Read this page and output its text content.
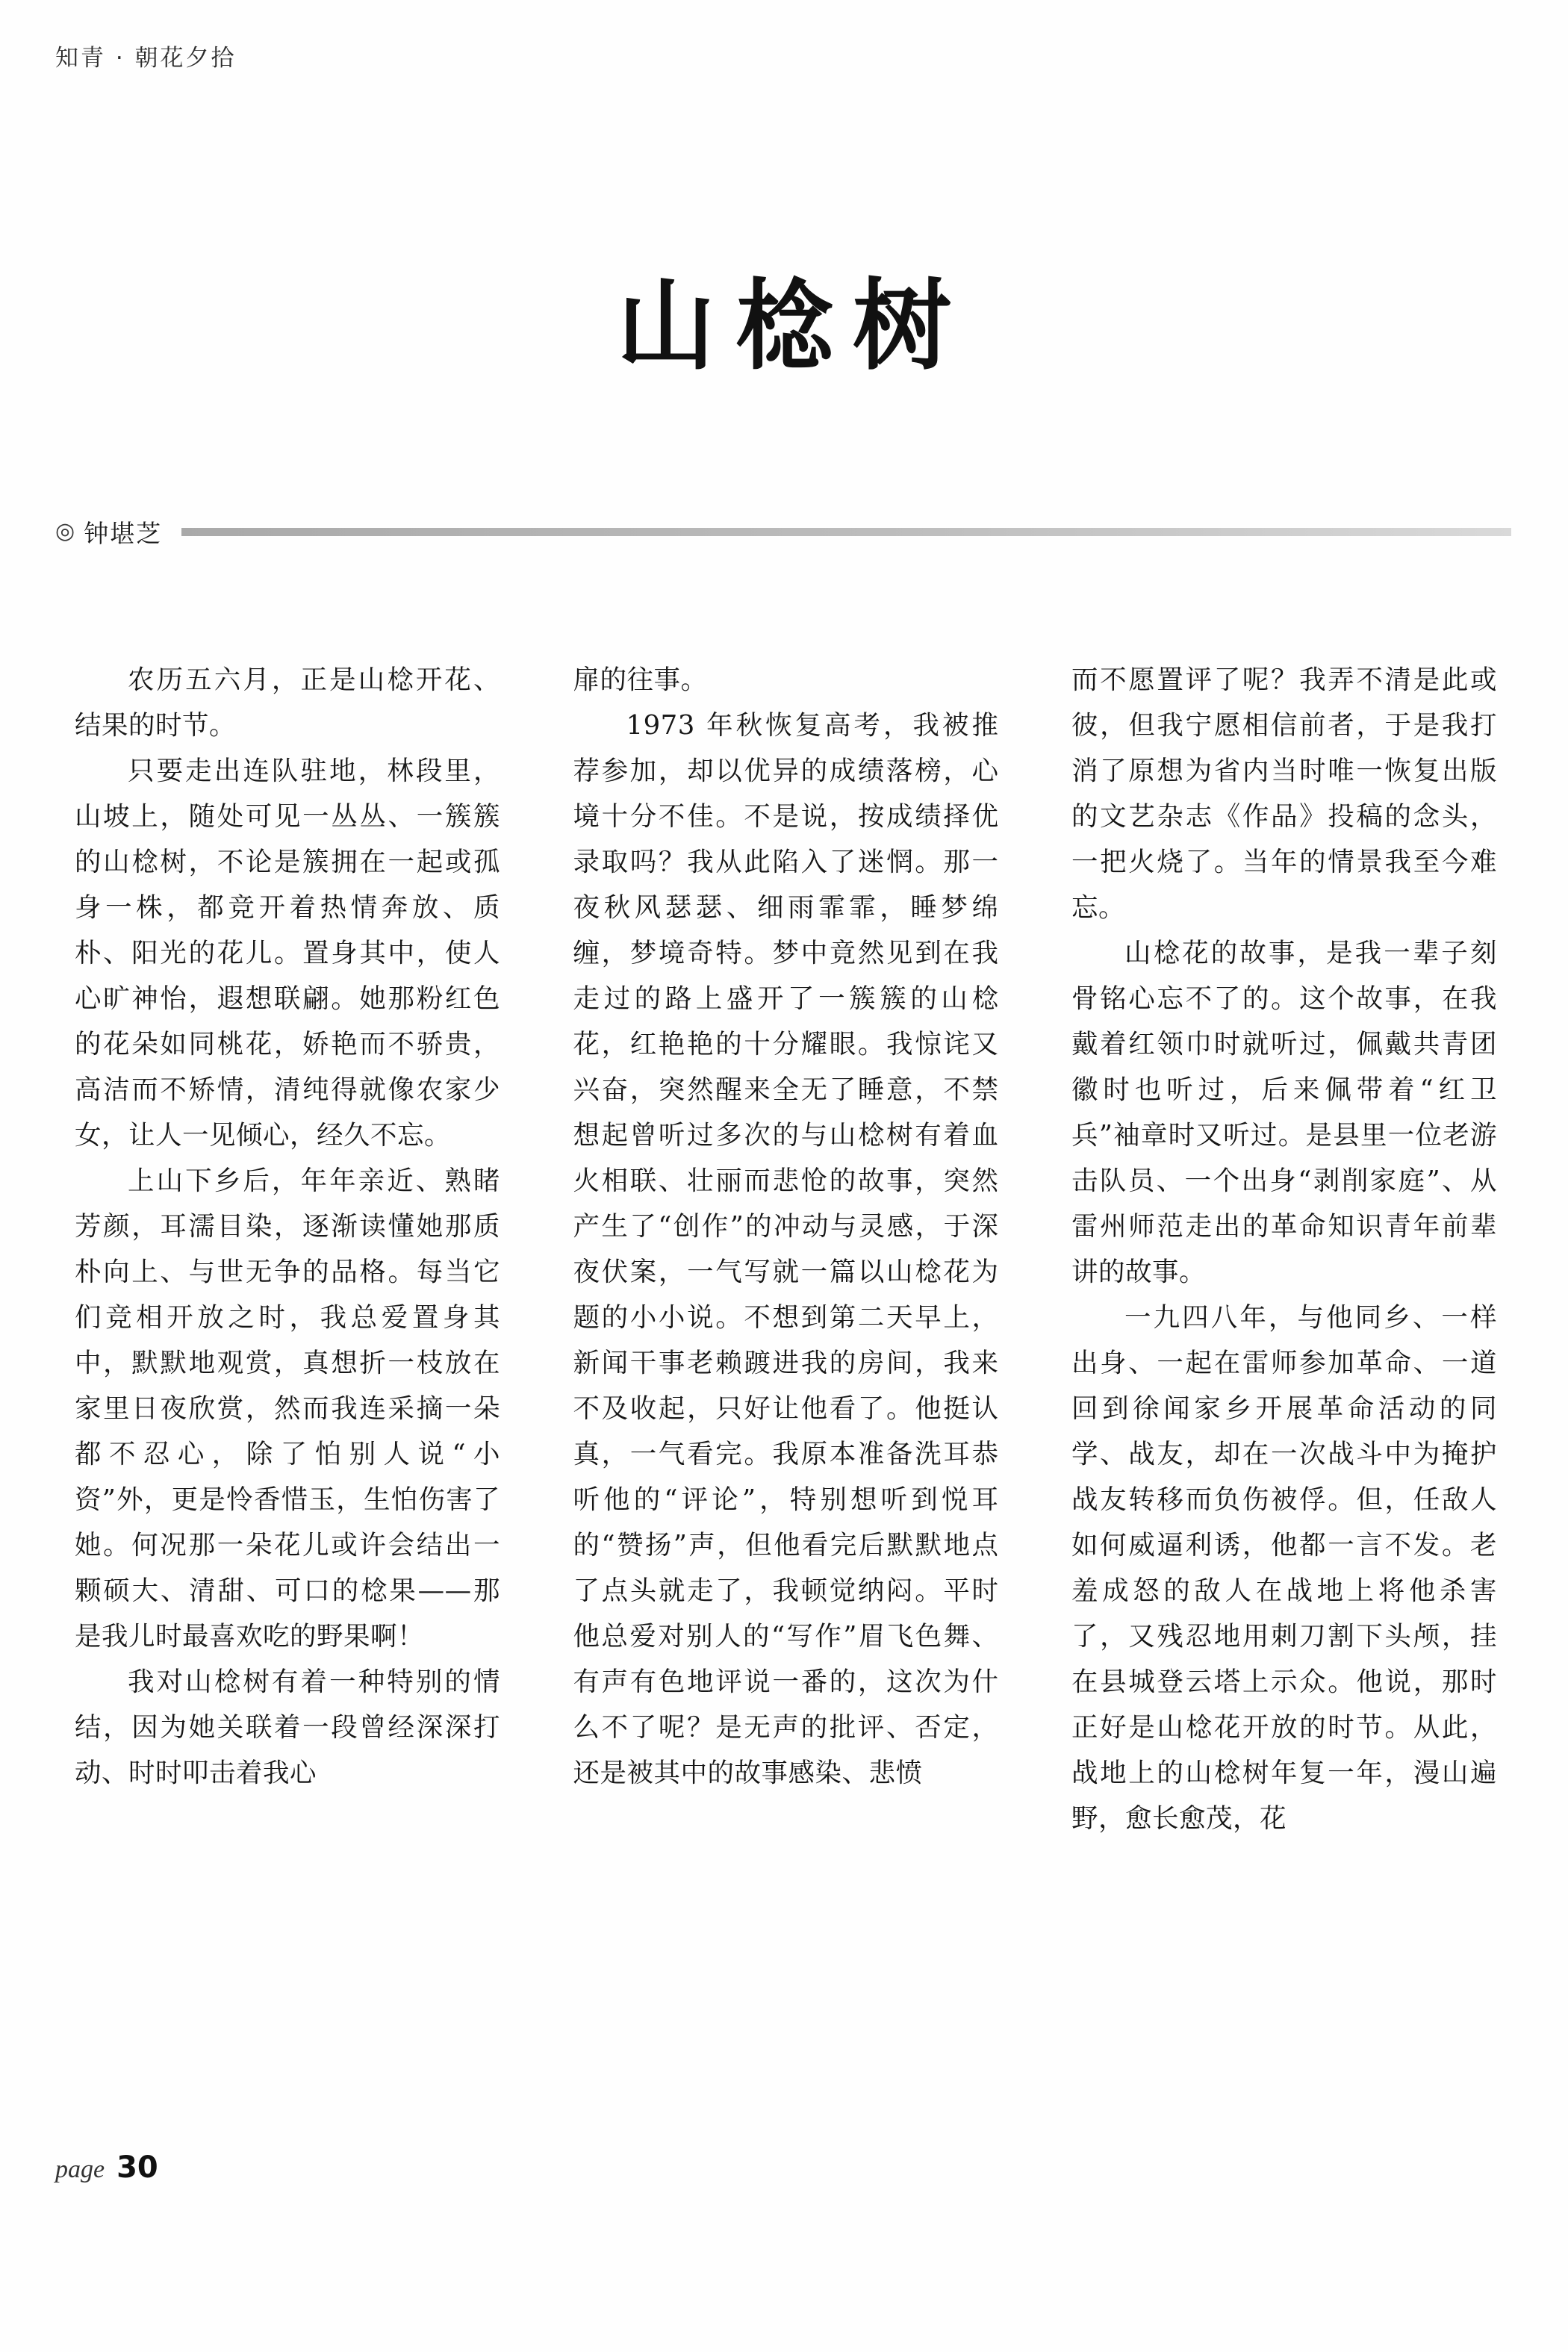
知青 · 朝花夕拾
山棯树
◎ 钟堪芝

农历五六月，正是山棯开花、结果的时节。

只要走出连队驻地，林段里，山坡上，随处可见一丛丛、一簇簇的山棯树，不论是簇拥在一起或孤身一株，都竞开着热情奔放、质朴、阳光的花儿。置身其中，使人心旷神怡，遐想联翩。她那粉红色的花朵如同桃花，娇艳而不骄贵，高洁而不矫情，清纯得就像农家少女，让人一见倾心，经久不忘。

上山下乡后，年年亲近、熟睹芳颜，耳濡目染，逐渐读懂她那质朴向上、与世无争的品格。每当它们竞相开放之时，我总爱置身其中，默默地观赏，真想折一枝放在家里日夜欣赏，然而我连采摘一朵都不忍心，除了怕别人说“小资”外，更是怜香惜玉，生怕伤害了她。何况那一朵花儿或许会结出一颗硕大、清甜、可口的棯果——那是我儿时最喜欢吃的野果啊！

我对山棯树有着一种特别的情结，因为她关联着一段曾经深深打动、时时叩击着我心

扉的往事。

1973 年秋恢复高考，我被推荐参加，却以优异的成绩落榜，心境十分不佳。不是说，按成绩择优录取吗？我从此陷入了迷惘。那一夜秋风瑟瑟、细雨霏霏，睡梦绵缠，梦境奇特。梦中竟然见到在我走过的路上盛开了一簇簇的山棯花，红艳艳的十分耀眼。我惊诧又兴奋，突然醒来全无了睡意，不禁想起曾听过多次的与山棯树有着血火相联、壮丽而悲怆的故事，突然产生了“创作”的冲动与灵感，于深夜伏案，一气写就一篇以山棯花为题的小小说。不想到第二天早上，新闻干事老赖踱进我的房间，我来不及收起，只好让他看了。他挺认真，一气看完。我原本准备洗耳恭听他的“评论”，特别想听到悦耳的“赞扬”声，但他看完后默默地点了点头就走了，我顿觉纳闷。平时他总爱对别人的“写作”眉飞色舞、有声有色地评说一番的，这次为什么不了呢？是无声的批评、否定，还是被其中的故事感染、悲愤

而不愿置评了呢？我弄不清是此或彼，但我宁愿相信前者，于是我打消了原想为省内当时唯一恢复出版的文艺杂志《作品》投稿的念头，一把火烧了。当年的情景我至今难忘。

山棯花的故事，是我一辈子刻骨铭心忘不了的。这个故事，在我戴着红领巾时就听过，佩戴共青团徽时也听过，后来佩带着“红卫兵”袖章时又听过。是县里一位老游击队员、一个出身“剥削家庭”、从雷州师范走出的革命知识青年前辈讲的故事。

一九四八年，与他同乡、一样出身、一起在雷师参加革命、一道回到徐闻家乡开展革命活动的同学、战友，却在一次战斗中为掩护战友转移而负伤被俘。但，任敌人如何威逼利诱，他都一言不发。老羞成怒的敌人在战地上将他杀害了，又残忍地用刺刀割下头颅，挂在县城登云塔上示众。他说，那时正好是山棯花开放的时节。从此，战地上的山棯树年复一年，漫山遍野，愈长愈茂，花

page 30
